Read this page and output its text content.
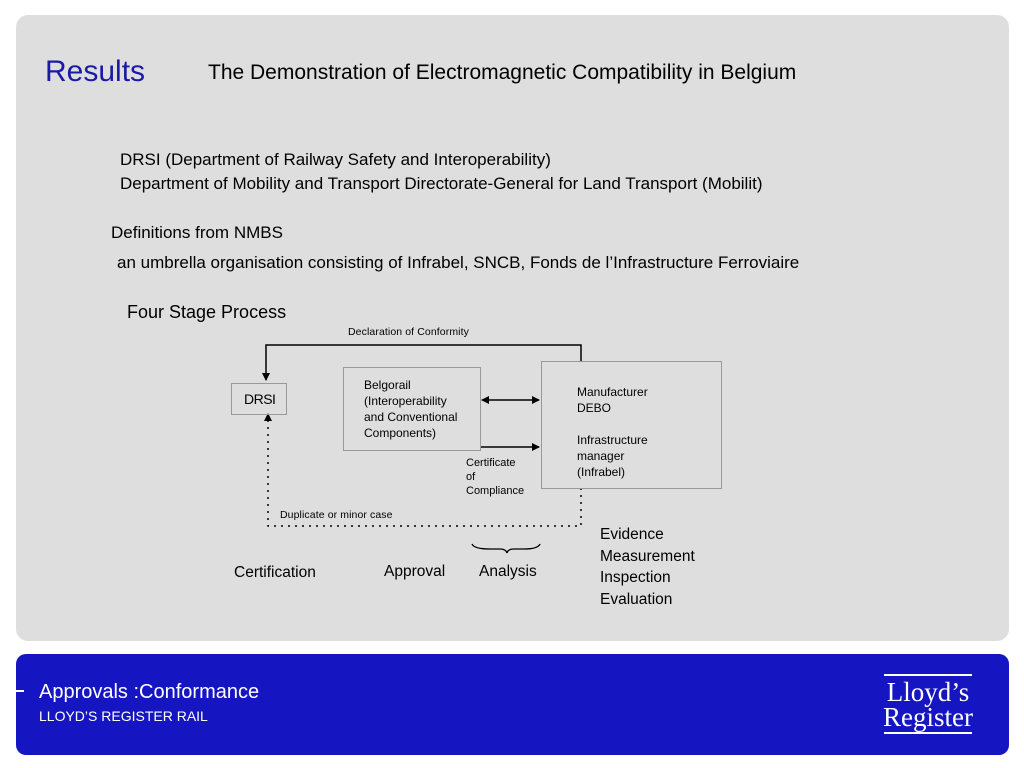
Results	The Demonstration of Electromagnetic Compatibility in Belgium
DRSI (Department of Railway Safety and Interoperability)
Department of Mobility and Transport Directorate-General for Land Transport (Mobilit)
Definitions from NMBS
an umbrella organisation consisting of Infrabel, SNCB, Fonds de l’Infrastructure Ferroviaire
Four Stage Process
Declaration of Conformity
DRSI
Belgorail
(Interoperability
and Conventional
Components)
Manufacturer
DEBO
Infrastructure
manager
(Infrabel)
Certificate
of
Compliance
Duplicate or minor case
Evidence
Measurement
Inspection
Evaluation
Certification	Approval Analysis
Approvals :Conformance
LLOYD’S REGISTER RAIL
Lloyd’s
Register
